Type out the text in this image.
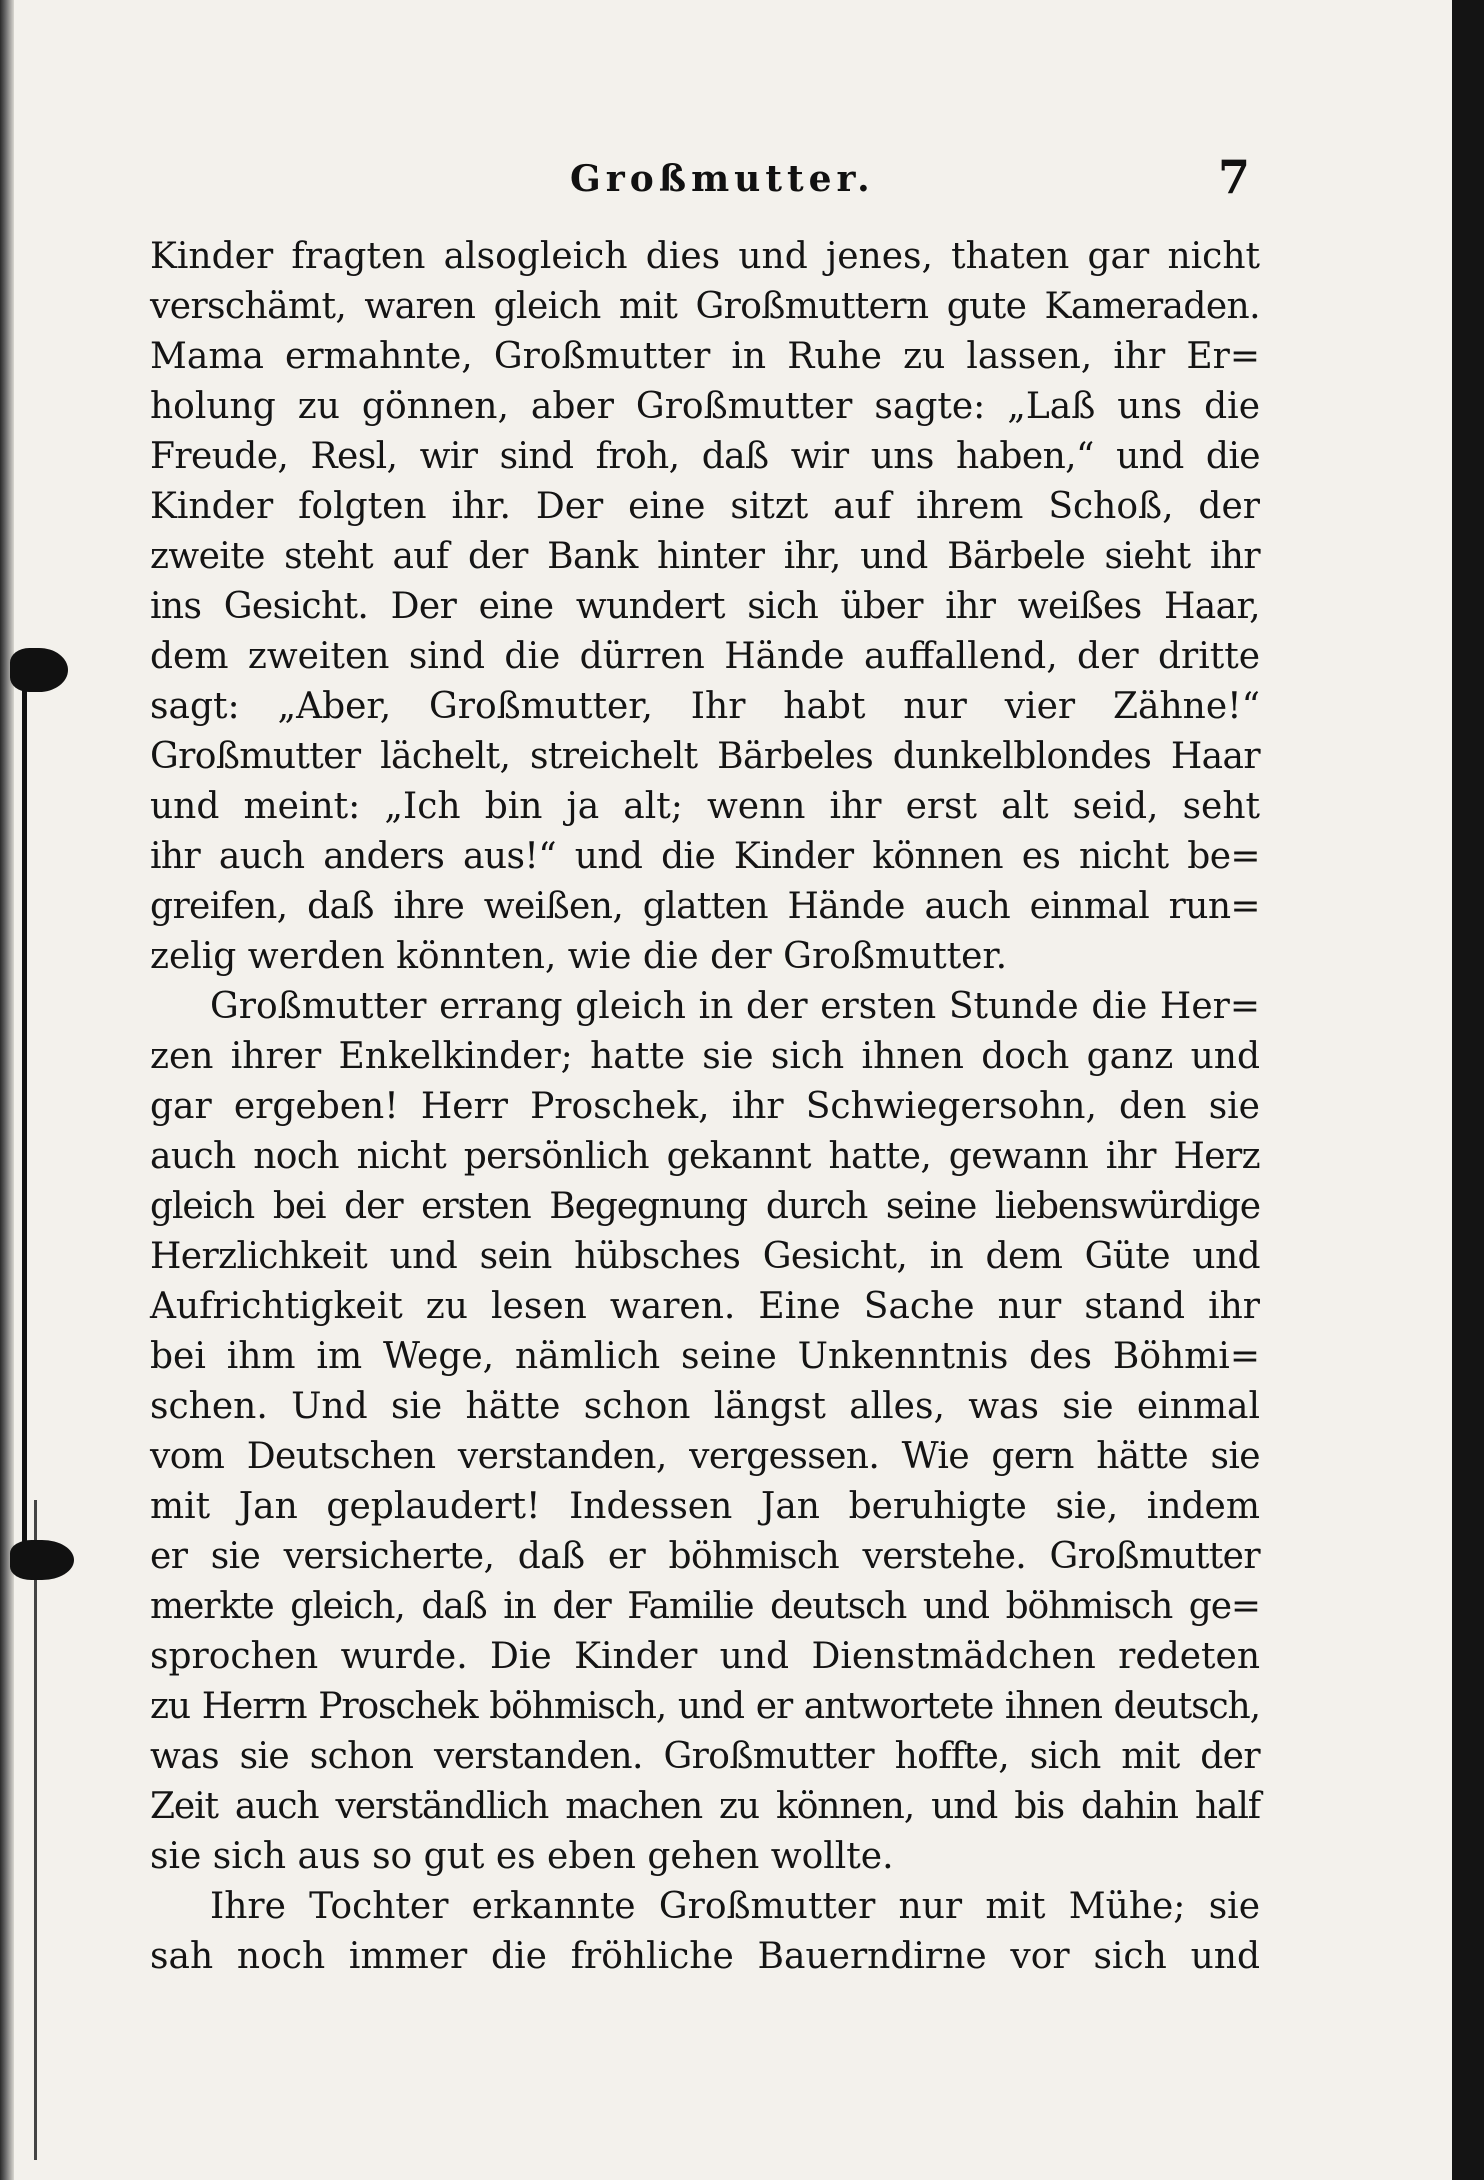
Großmutter.	7

Kinder fragten alsogleich dies und jenes, thaten gar nicht
verschämt, waren gleich mit Großmuttern gute Kameraden.
Mama ermahnte, Großmutter in Ruhe zu lassen, ihr Er=
holung zu gönnen, aber Großmutter sagte: „Laß uns die
Freude, Resl, wir sind froh, daß wir uns haben,“ und die
Kinder folgten ihr. Der eine sitzt auf ihrem Schoß, der
zweite steht auf der Bank hinter ihr, und Bärbele sieht ihr
ins Gesicht. Der eine wundert sich über ihr weißes Haar,
dem zweiten sind die dürren Hände auffallend, der dritte
sagt: „Aber, Großmutter, Ihr habt nur vier Zähne!“
Großmutter lächelt, streichelt Bärbeles dunkelblondes Haar
und meint: „Ich bin ja alt; wenn ihr erst alt seid, seht
ihr auch anders aus!“ und die Kinder können es nicht be=
greifen, daß ihre weißen, glatten Hände auch einmal run=
zelig werden könnten, wie die der Großmutter.

Großmutter errang gleich in der ersten Stunde die Her=
zen ihrer Enkelkinder; hatte sie sich ihnen doch ganz und
gar ergeben! Herr Proschek, ihr Schwiegersohn, den sie
auch noch nicht persönlich gekannt hatte, gewann ihr Herz
gleich bei der ersten Begegnung durch seine liebenswürdige
Herzlichkeit und sein hübsches Gesicht, in dem Güte und
Aufrichtigkeit zu lesen waren. Eine Sache nur stand ihr
bei ihm im Wege, nämlich seine Unkenntnis des Böhmi=
schen. Und sie hätte schon längst alles, was sie einmal
vom Deutschen verstanden, vergessen. Wie gern hätte sie
mit Jan geplaudert! Indessen Jan beruhigte sie, indem
er sie versicherte, daß er böhmisch verstehe. Großmutter
merkte gleich, daß in der Familie deutsch und böhmisch ge=
sprochen wurde. Die Kinder und Dienstmädchen redeten
zu Herrn Proschek böhmisch, und er antwortete ihnen deutsch,
was sie schon verstanden. Großmutter hoffte, sich mit der
Zeit auch verständlich machen zu können, und bis dahin half
sie sich aus so gut es eben gehen wollte.

Ihre Tochter erkannte Großmutter nur mit Mühe; sie
sah noch immer die fröhliche Bauerndirne vor sich und
